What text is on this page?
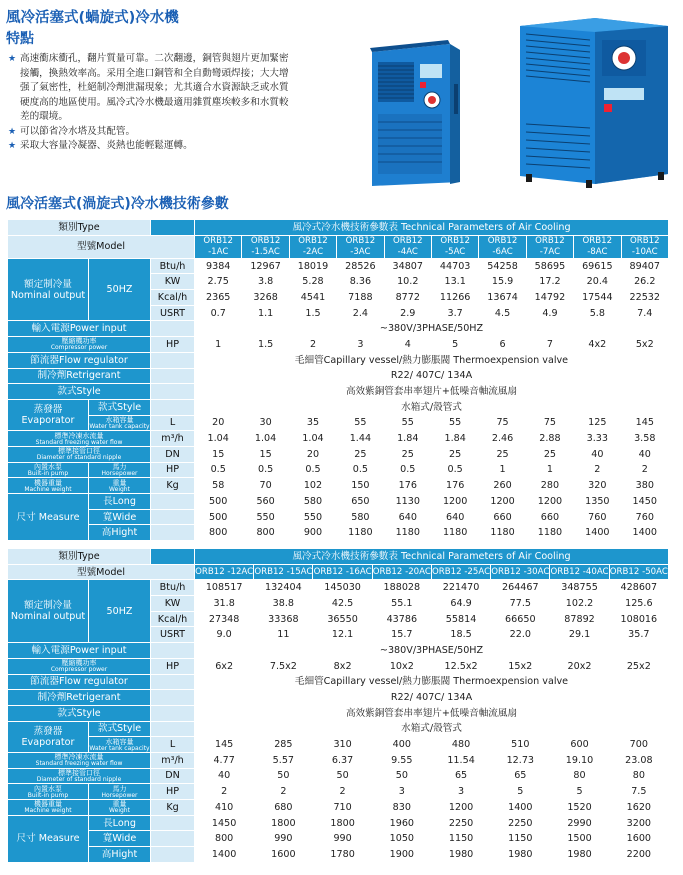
風冷活塞式(蝸旋式)冷水機
特點
★ 高速衝床衝孔，翻片質量可靠。二次翻邊，銅管與翅片更加緊密接觸，換熱效率高。采用全進口銅管和全自動彎頭焊接；大大增强了氣密性，杜絕制冷劑泄漏現象；尤其適合水資源缺乏或水質硬度高的地區使用。風冷式冷水機最適用雜質塵埃較多和水質較差的環境。
★ 可以節省冷水塔及其配管。
★ 采取大容量冷凝器、炎熱也能輕鬆運轉。
風冷活塞式(渦旋式)冷水機技術參數
類別Type			風冷式冷水機技術參數表 Technical Parameters of Air Cooling									
型號Model			ORB12 -1AC	ORB12 -1.5AC	ORB12 -2AC	ORB12 -3AC	ORB12 -4AC	ORB12 -5AC	ORB12 -6AC	ORB12 -7AC	ORB12 -8AC	ORB12 -10AC
額定制冷量 Nominal output	50HZ	Btu/h	9384	12967	18019	28526	34807	44703	54258	58695	69615	89407
		KW	2.75	3.8	5.28	8.36	10.2	13.1	15.9	17.2	20.4	26.2
		Kcal/h	2365	3268	4541	7188	8772	11266	13674	14792	17544	22532
		USRT	0.7	1.1	1.5	2.4	2.9	3.7	4.5	4.9	5.8	7.4
輸入電源Power input			~380V/3PHASE/50HZ									

壓縮機功率
Compressor power		HP	1	1.5	2	3	4	5	6	7	4x2	5x2
節流器Flow regulator			毛細管Capillary vessel/熱力膨脹閥 Thermoexpension valve									
制冷劑Retrigerant			R22/ 407C/ 134A									
款式Style			高效紫銅管套串率翅片+低噪音軸流風扇									
蒸發器 Evaporator	款式Style		水箱式/殼管式									

	水箱容量
Water tank capacity	L	20	30	35	55	55	55	75	75	125	145

標準冷凍水流量
Standard freezing water flow		m³/h	1.04	1.04	1.04	1.44	1.84	1.84	2.46	2.88	3.33	3.58

標準接管口徑
Diameter of standard nipple		DN	15	15	20	25	25	25	25	25	40	40

內置水泵
Built-in pump	馬力
Horsepower	HP	0.5	0.5	0.5	0.5	0.5	0.5	1	1	2	2

機器重量
Machine weight	重量
Weight	Kg	58	70	102	150	176	176	260	280	320	380
尺寸 Measure	長Long		500	560	580	650	1130	1200	1200	1200	1350	1450
	寬Wide		500	550	550	580	640	640	660	660	760	760
	高Hight		800	800	900	1180	1180	1180	1180	1180	1400	1400
類別Type			風冷式冷水機技術參數表 Technical Parameters of Air Cooling							
型號Model			ORB12 -12AC	ORB12 -15AC	ORB12 -16AC	ORB12 -20AC	ORB12 -25AC	ORB12 -30AC	ORB12 -40AC	ORB12 -50AC
額定制冷量 Nominal output	50HZ	Btu/h	108517	132404	145030	188028	221470	264467	348755	428607
		KW	31.8	38.8	42.5	55.1	64.9	77.5	102.2	125.6
		Kcal/h	27348	33368	36550	43786	55814	66650	87892	108016
		USRT	9.0	11	12.1	15.7	18.5	22.0	29.1	35.7
輸入電源Power input			~380V/3PHASE/50HZ							

壓縮機功率
Compressor power		HP	6x2	7.5x2	8x2	10x2	12.5x2	15x2	20x2	25x2
節流器Flow regulator			毛細管Capillary vessel/熱力膨脹閥 Thermoexpension valve							
制冷劑Retrigerant			R22/ 407C/ 134A							
款式Style			高效紫銅管套串率翅片+低噪音軸流風扇							
蒸發器 Evaporator	款式Style		水箱式/殼管式							

	水箱容量
Water tank capacity	L	145	285	310	400	480	510	600	700

標準冷凍水流量
Standard freezing water flow		m³/h	4.77	5.57	6.37	9.55	11.54	12.73	19.10	23.08

標準接管口徑
Diameter of standard nipple		DN	40	50	50	50	65	65	80	80

內置水泵
Built-in pump	馬力
Horsepower	HP	2	2	2	3	3	5	5	7.5

機器重量
Machine weight	重量
Weight	Kg	410	680	710	830	1200	1400	1520	1620
尺寸 Measure	長Long		1450	1800	1800	1960	2250	2250	2990	3200
	寬Wide		800	990	990	1050	1150	1150	1500	1600
	高Hight		1400	1600	1780	1900	1980	1980	1980	2200
